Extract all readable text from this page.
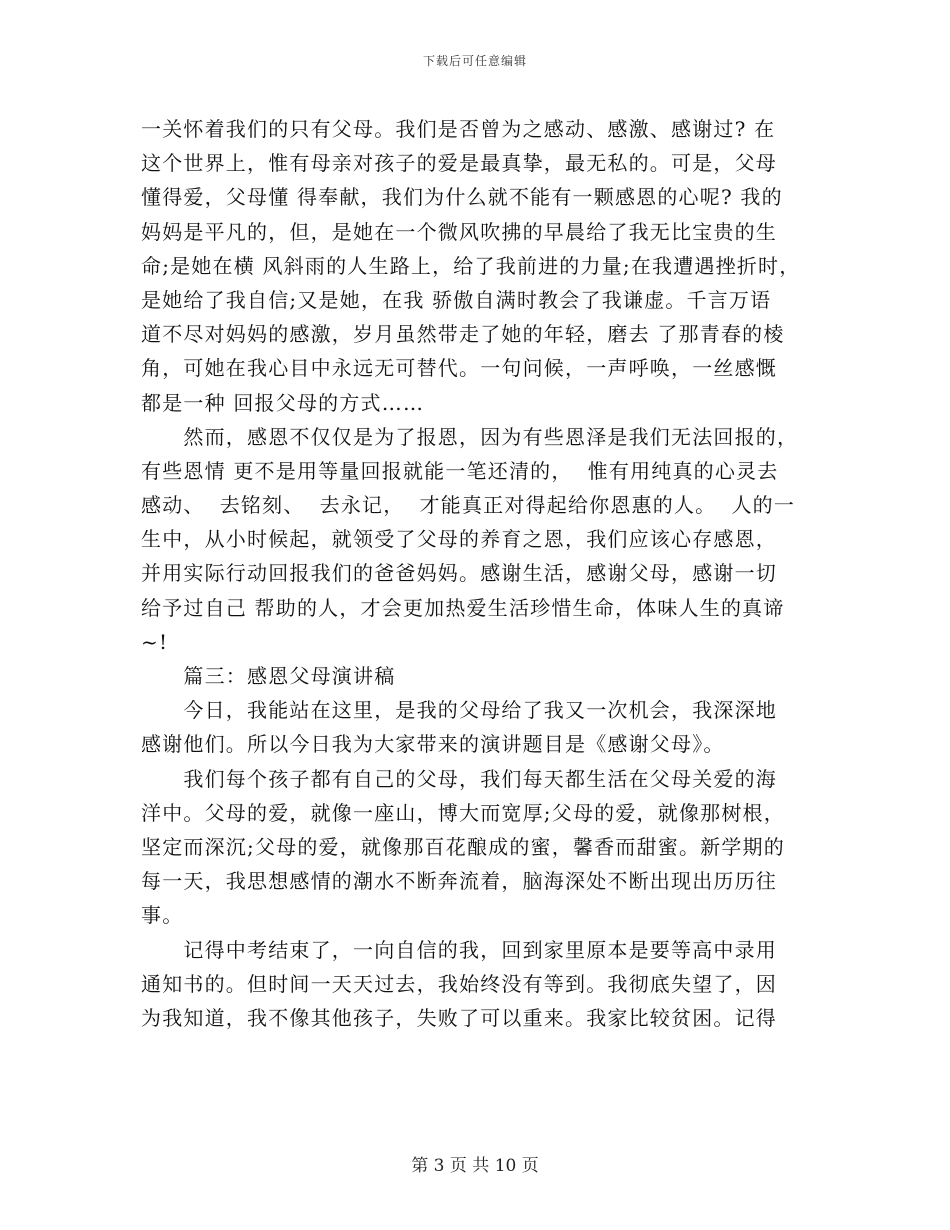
下载后可任意编辑
一关怀着我们的只有父母。我们是否曾为之感动、感激、感谢过? 在
这个世界上，惟有母亲对孩子的爱是最真挚，最无私的。可是，父母
懂得爱，父母懂 得奉献，我们为什么就不能有一颗感恩的心呢? 我的
妈妈是平凡的，但，是她在一个微风吹拂的早晨给了我无比宝贵的生
命;是她在横 风斜雨的人生路上，给了我前进的力量;在我遭遇挫折时，
是她给了我自信;又是她，在我 骄傲自满时教会了我谦虚。千言万语
道不尽对妈妈的感激，岁月虽然带走了她的年轻，磨去 了那青春的棱
角，可她在我心目中永远无可替代。一句问候，一声呼唤，一丝感慨
都是一种 回报父母的方式……
　　然而，感恩不仅仅是为了报恩，因为有些恩泽是我们无法回报的，
有些恩情 更不是用等量回报就能一笔还清的，  惟有用纯真的心灵去
感动、  去铭刻、  去永记，  才能真正对得起给你恩惠的人。  人的一
生中，从小时候起，就领受了父母的养育之恩，我们应该心存感恩，
并用实际行动回报我们的爸爸妈妈。感谢生活，感谢父母，感谢一切
给予过自己 帮助的人，才会更加热爱生活珍惜生命，体味人生的真谛
~!
　　篇三：感恩父母演讲稿
　　今日，我能站在这里，是我的父母给了我又一次机会，我深深地
感谢他们。所以今日我为大家带来的演讲题目是《感谢父母》。
　　我们每个孩子都有自己的父母，我们每天都生活在父母关爱的海
洋中。父母的爱，就像一座山，博大而宽厚;父母的爱，就像那树根，
坚定而深沉;父母的爱，就像那百花酿成的蜜，馨香而甜蜜。新学期的
每一天，我思想感情的潮水不断奔流着，脑海深处不断出现出历历往
事。
　　记得中考结束了，一向自信的我，回到家里原本是要等高中录用
通知书的。但时间一天天过去，我始终没有等到。我彻底失望了，因
为我知道，我不像其他孩子，失败了可以重来。我家比较贫困。记得
第 3 页 共 10 页
